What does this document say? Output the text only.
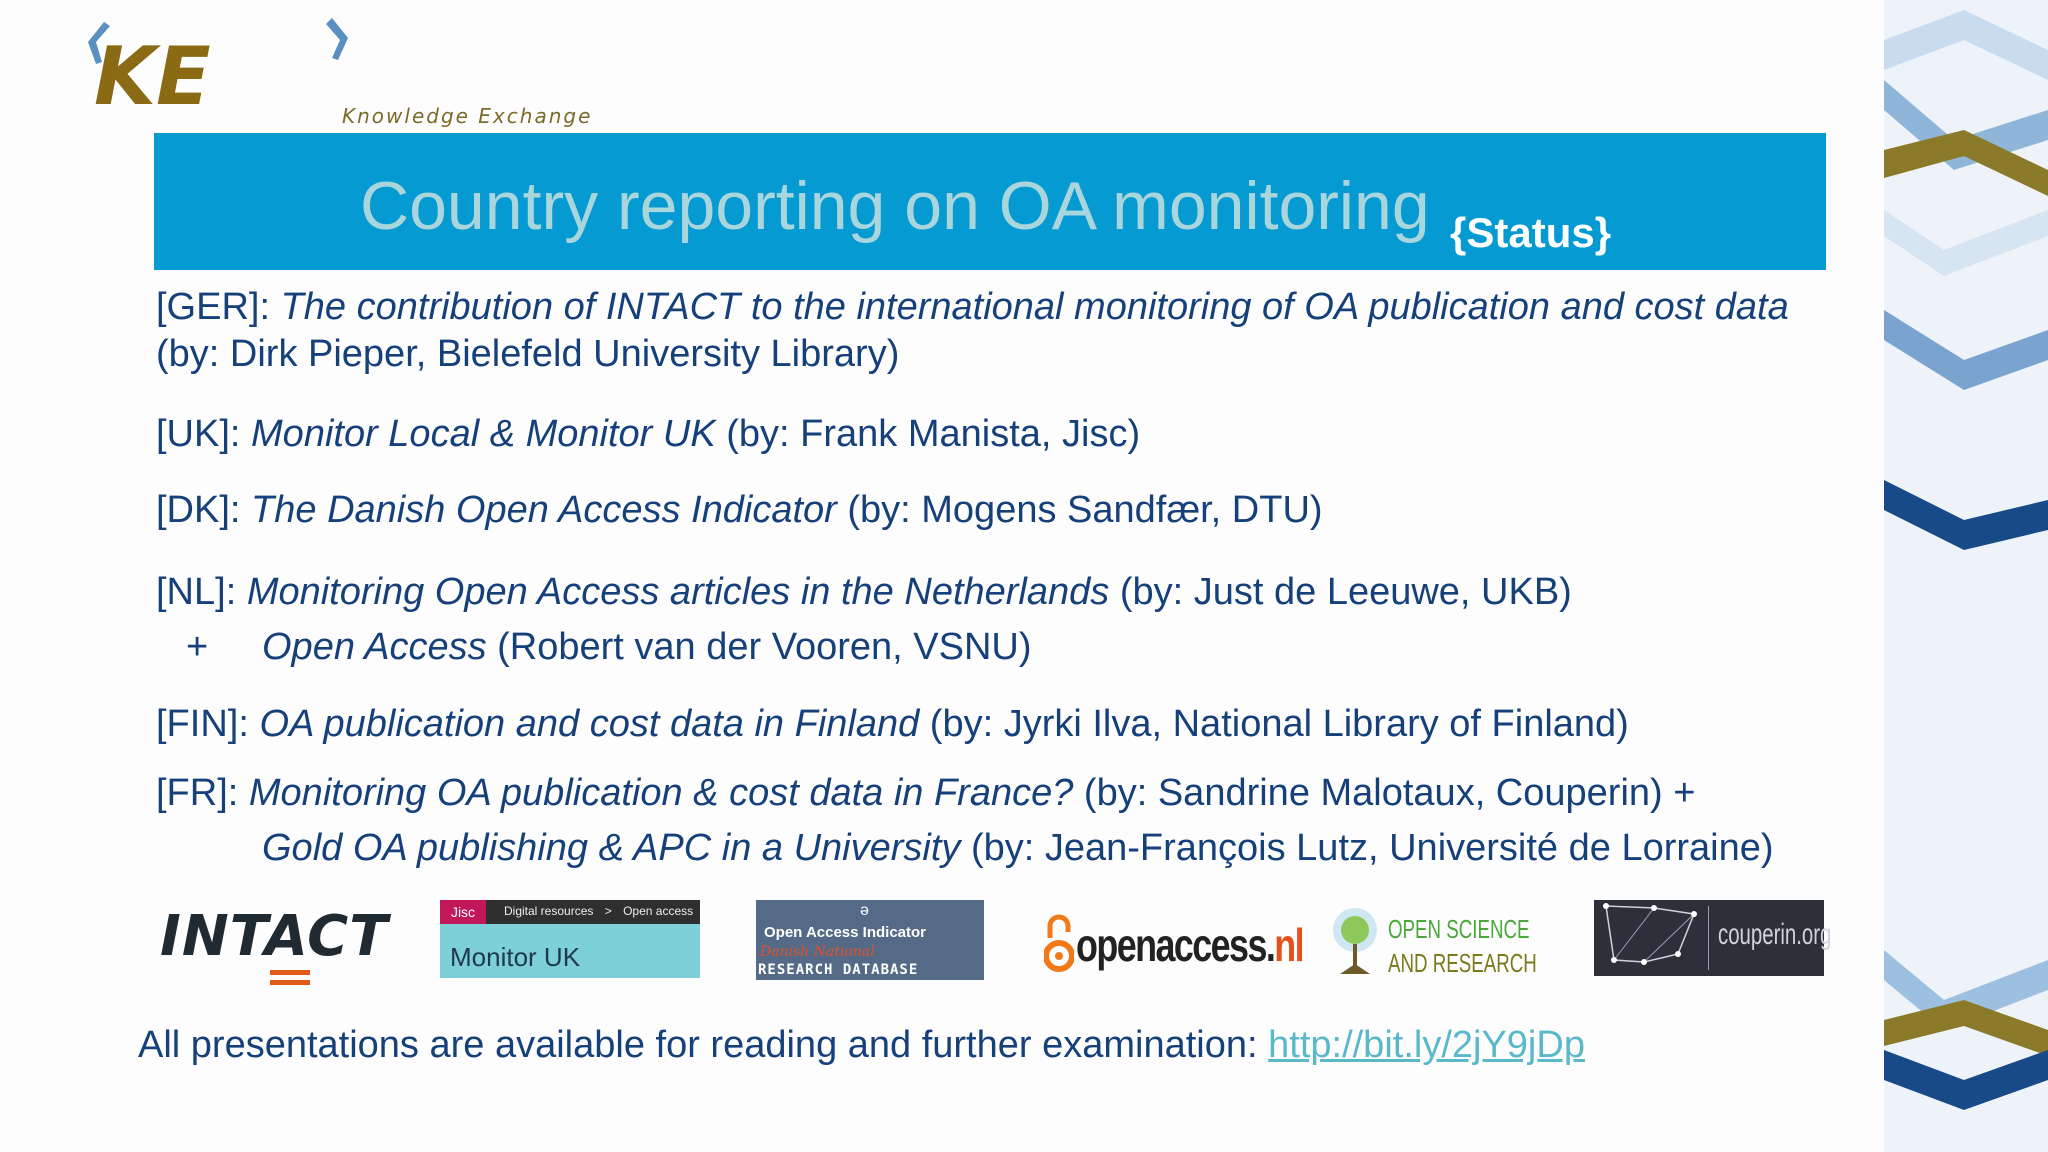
KE	Knowledge Exchange
Country reporting on OA monitoring {Status}
[GER]: The contribution of INTACT to the international monitoring of OA publication and cost data
(by: Dirk Pieper, Bielefeld University Library)
[UK]: Monitor Local & Monitor UK (by: Frank Manista, Jisc)
[DK]: The Danish Open Access Indicator (by: Mogens Sandfær, DTU)
[NL]: Monitoring Open Access articles in the Netherlands (by: Just de Leeuwe, UKB)
+ Open Access (Robert van der Vooren, VSNU)
[FIN]: OA publication and cost data in Finland (by: Jyrki Ilva, National Library of Finland)
[FR]: Monitoring OA publication & cost data in France? (by: Sandrine Malotaux, Couperin) +
Gold OA publishing & APC in a University (by: Jean-François Lutz, Université de Lorraine)
INTACT	Jisc	Digital resources > Open access
Monitor UK
ə
Open Access Indicator
Danish National
RESEARCH DATABASE	openaccess.nl	OPEN SCIENCE
AND RESEARCH
couperin.org
All presentations are available for reading and further examination: http://bit.ly/2jY9jDp
